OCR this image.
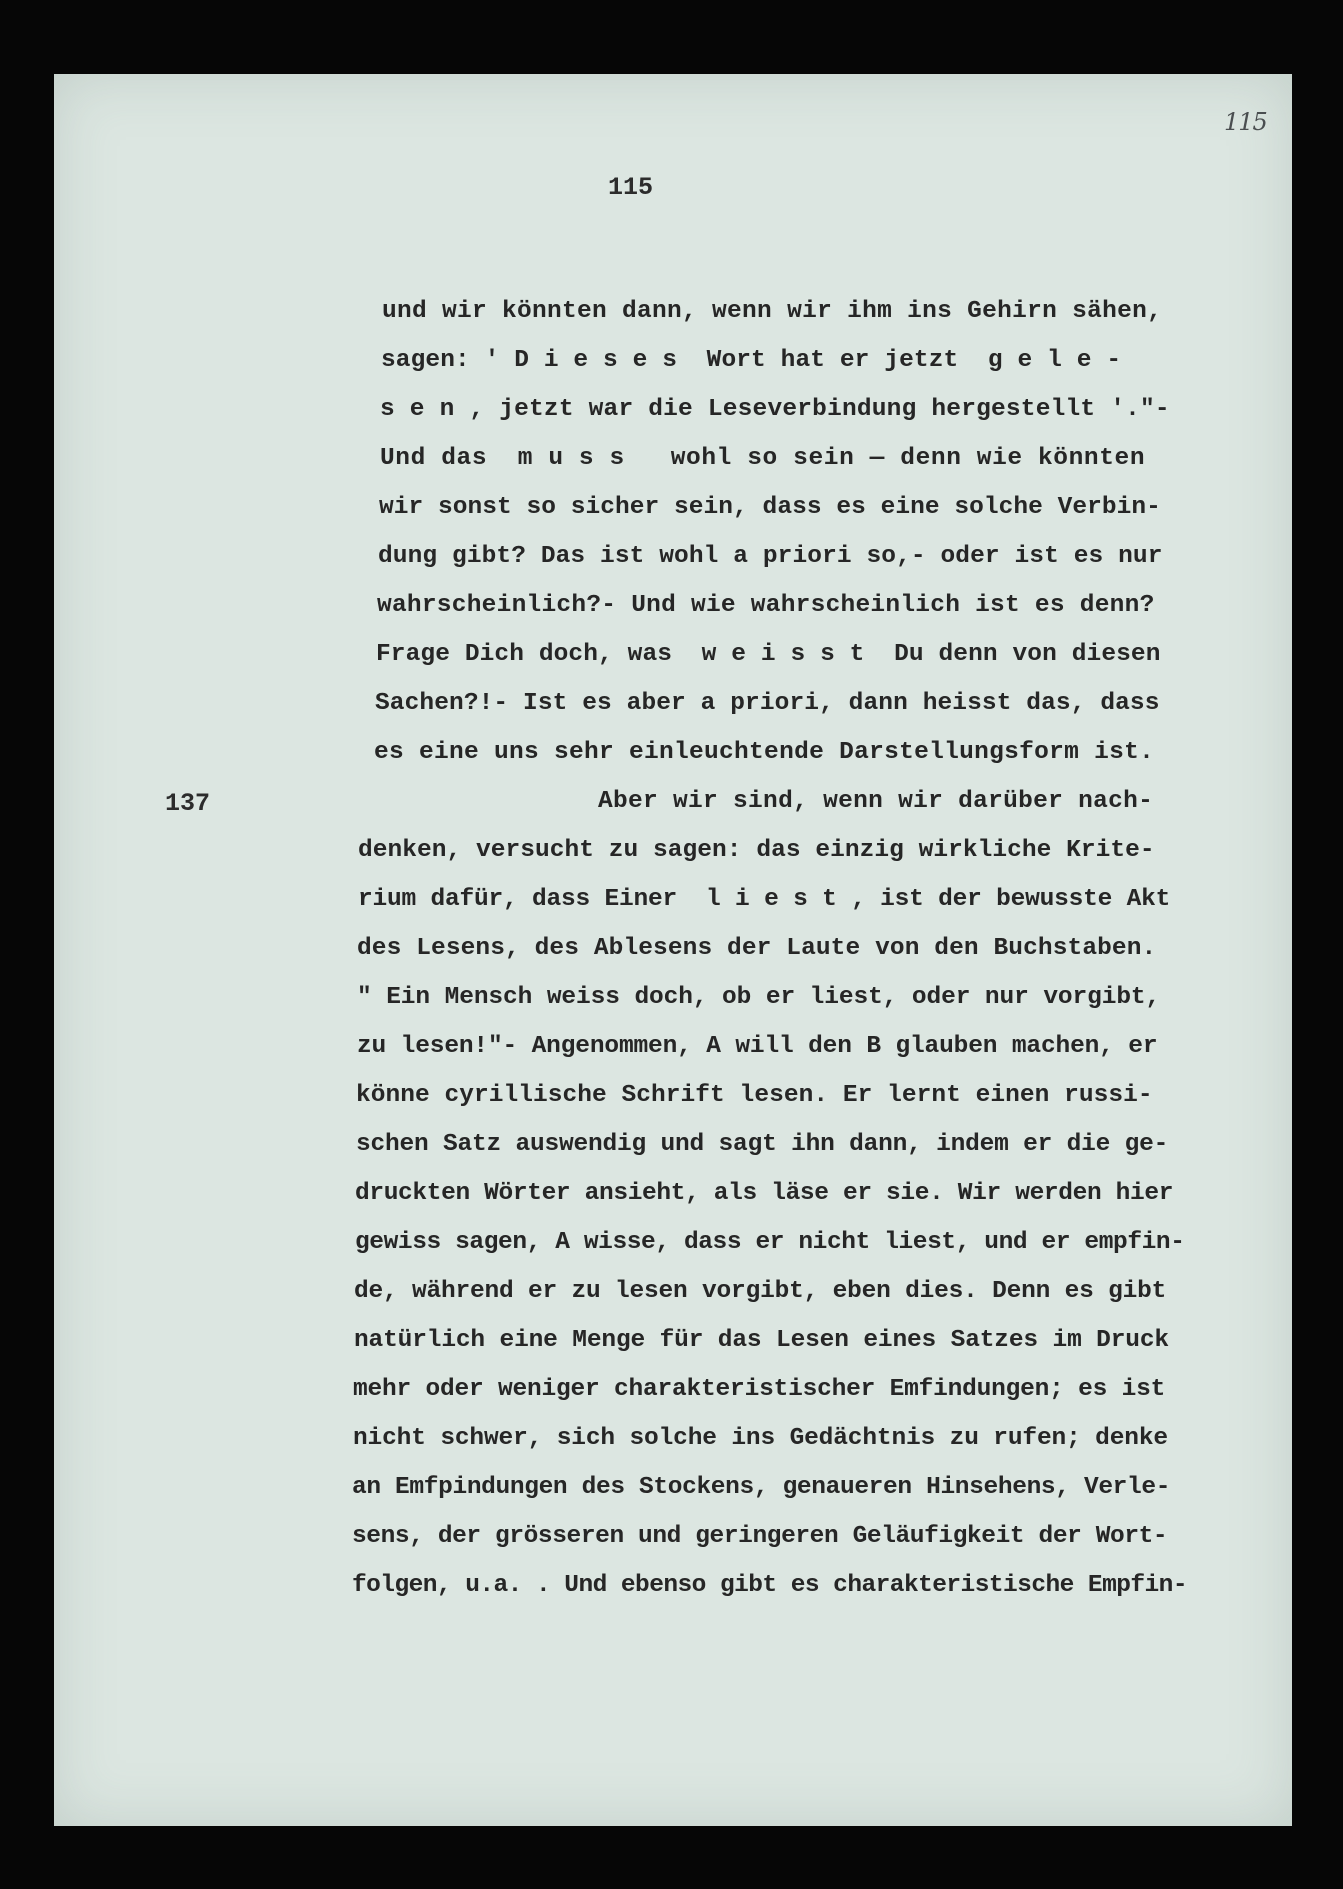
115
115
137
und wir könnten dann, wenn wir ihm ins Gehirn sähen,
sagen: ' D i e s e s  Wort hat er jetzt  g e l e -
s e n , jetzt war die Leseverbindung hergestellt '."-
Und das  m u s s   wohl so sein — denn wie könnten
wir sonst so sicher sein, dass es eine solche Verbin-
dung gibt? Das ist wohl a priori so,- oder ist es nur
wahrscheinlich?- Und wie wahrscheinlich ist es denn?
Frage Dich doch, was  w e i s s t  Du denn von diesen
Sachen?!- Ist es aber a priori, dann heisst das, dass
es eine uns sehr einleuchtende Darstellungsform ist.
Aber wir sind, wenn wir darüber nach-
denken, versucht zu sagen: das einzig wirkliche Krite-
rium dafür, dass Einer  l i e s t , ist der bewusste Akt
des Lesens, des Ablesens der Laute von den Buchstaben.
" Ein Mensch weiss doch, ob er liest, oder nur vorgibt,
zu lesen!"- Angenommen, A will den B glauben machen, er
könne cyrillische Schrift lesen. Er lernt einen russi-
schen Satz auswendig und sagt ihn dann, indem er die ge-
druckten Wörter ansieht, als läse er sie. Wir werden hier
gewiss sagen, A wisse, dass er nicht liest, und er empfin-
de, während er zu lesen vorgibt, eben dies. Denn es gibt
natürlich eine Menge für das Lesen eines Satzes im Druck
mehr oder weniger charakteristischer Emfindungen; es ist
nicht schwer, sich solche ins Gedächtnis zu rufen; denke
an Emfpindungen des Stockens, genaueren Hinsehens, Verle-
sens, der grösseren und geringeren Geläufigkeit der Wort-
folgen, u.a. . Und ebenso gibt es charakteristische Empfin-
